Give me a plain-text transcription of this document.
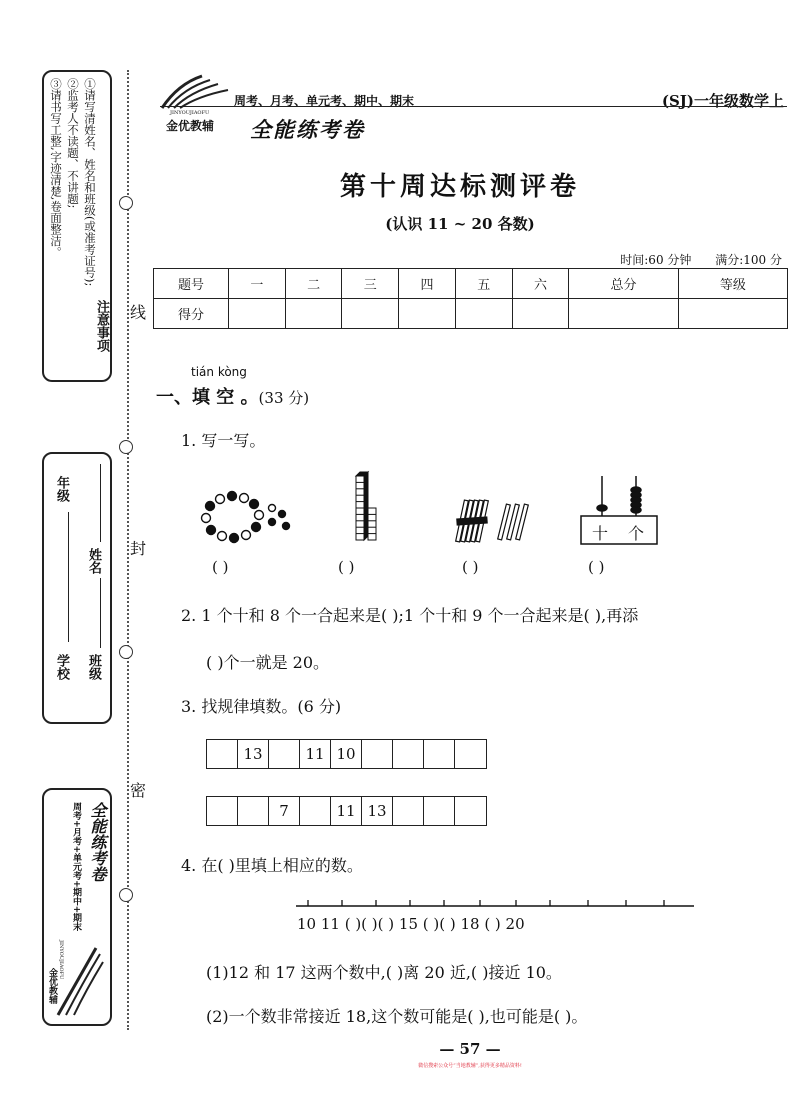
①请写清姓名、姓名和班级(或准考证号);
②监考人不读题、不讲题;
③请书写工整,字迹清楚,卷面整洁。
注意事项
年级
学校
姓名
班级
周考+月考+单元考+期中+期末 全能练考卷
JINYOUJIAOFU
金优教辅
线
封
密
JINYOUJIAOFU
金优教辅
周考、月考、单元考、期中、期末	(SJ)一年级数学上
全能练考卷
第十周达标测评卷
(认识 11 ~ 20 各数)
时间:60 分钟 满分:100 分
题号	一	二	三	四	五	六	总分	等级
得分								
tián kòng
一、填 空 。(33 分)
1. 写一写。
十 个
( )	( )	( )	( )
2. 1 个十和 8 个一合起来是( );1 个十和 9 个一合起来是( ),再添
( )个一就是 20。
3. 找规律填数。(6 分)
13	11 10
7	11 13
4. 在( )里填上相应的数。
10 11 ( )( )( ) 15 ( )( ) 18 ( ) 20
(1)12 和 17 这两个数中,( )离 20 近,( )接近 10。
(2)一个数非常接近 18,这个数可能是( ),也可能是( )。
— 57 —
微信搜索公众号“当地教辅”,获得更多精品资料!
